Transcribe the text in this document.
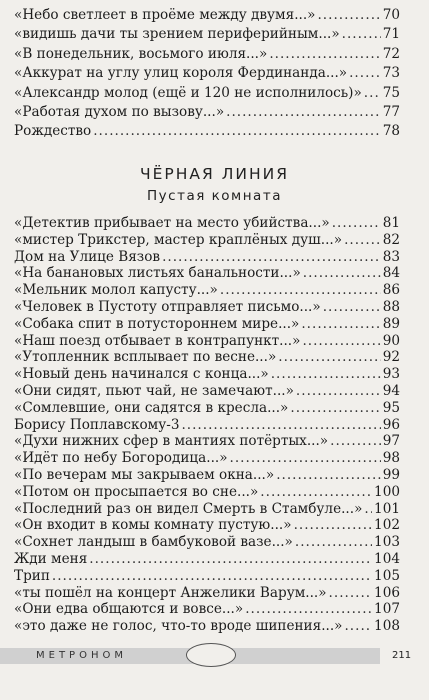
«Небо светлеет в проёме между двумя...» .....	70
«видишь дачи ты зрением периферийным...» .....	71
«В понедельник, восьмого июля...» .....	72
«Аккурат на углу улиц короля Фердинанда...» .....	73
«Александр молод (ещё и 120 не исполнилось)» ..... 75
«Работая духом по вызову...» .....	77
Рождество .....	78
ЧЁРНАЯ ЛИНИЯ
Пустая комната
«Детектив прибывает на место убийства...» .....	81
«мистер Трикстер, мастер краплёных душ...» .....	82
Дом на Улице Вязов .....	83
«На банановых листьях банальности...» .....	84
«Мельник молол капусту...» .....	86
«Человек в Пустоту отправляет письмо...» .....	88
«Собака спит в потустороннем мире...» .....	89
«Наш поезд отбывает в контрапункт...» .....	90
«Утопленник всплывает по весне...» .....	92
«Новый день начинался с конца...» .....	93
«Они сидят, пьют чай, не замечают...» .....	94
«Сомлевшие, они садятся в кресла...» .....	95
Борису Поплавскому-3 .....	96
«Духи нижних сфер в мантиях потёртых...» .....	97
«Идёт по небу Богородица...» .....	98
«По вечерам мы закрываем окна...» .....	99
«Потом он просыпается во сне...» .....	100
«Последний раз он видел Смерть в Стамбуле...» ..... 101
«Он входит в комы комнату пустую...» .....	102
«Сохнет ландыш в бамбуковой вазе...» .....	103
Жди меня .....	104
Трип .....	105
«ты пошёл на концерт Анжелики Варум...» .....	106
«Они едва общаются и вовсе...» .....	107
«это даже не голос, что-то вроде шипения...» ..... 108
МЕТРОНОМ	211
